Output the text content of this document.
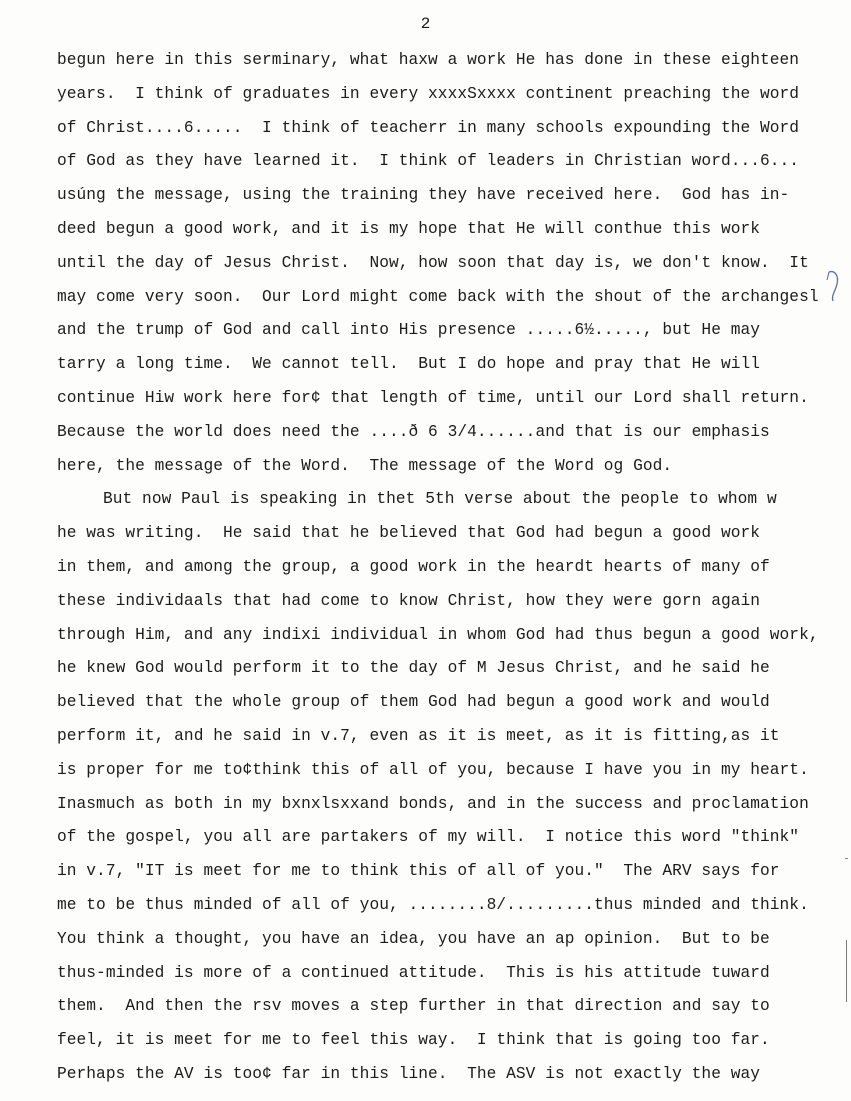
2
begun here in this serminary, what haxw a work He has done in these eighteen
years.  I think of graduates in every xxxxSxxxx continent preaching the word
of Christ....6.....  I think of teacherr in many schools expounding the Word
of God as they have learned it.  I think of leaders in Christian word...6...
usúng the message, using the training they have received here.  God has in-
deed begun a good work, and it is my hope that He will conthue this work
until the day of Jesus Christ.  Now, how soon that day is, we don't know.  It
may come very soon.  Our Lord might come back with the shout of the archangesl
and the trump of God and call into His presence .....6½....., but He may
tarry a long time.  We cannot tell.  But I do hope and pray that He will
continue Hiw work here for¢ that length of time, until our Lord shall return.
Because the world does need the ....ð 6 3/4......and that is our emphasis
here, the message of the Word.  The message of the Word og God.
But now Paul is speaking in thet 5th verse about the people to whom w
he was writing.  He said that he believed that God had begun a good work
in them, and among the group, a good work in the heardt hearts of many of
these individaals that had come to know Christ, how they were gorn again
through Him, and any indixi individual in whom God had thus begun a good work,
he knew God would perform it to the day of M Jesus Christ, and he said he
believed that the whole group of them God had begun a good work and would
perform it, and he said in v.7, even as it is meet, as it is fitting,as it
is proper for me to¢think this of all of you, because I have you in my heart.
Inasmuch as both in my bxnxlsxxand bonds, and in the success and proclamation
of the gospel, you all are partakers of my will.  I notice this word "think"
in v.7, "IT is meet for me to think this of all of you."  The ARV says for
me to be thus minded of all of you, ........8/.........thus minded and think.
You think a thought, you have an idea, you have an ap opinion.  But to be
thus-minded is more of a continued attitude.  This is his attitude tuward
them.  And then the rsv moves a step further in that direction and say to
feel, it is meet for me to feel this way.  I think that is going too far.
Perhaps the AV is too¢ far in this line.  The ASV is not exactly the way
